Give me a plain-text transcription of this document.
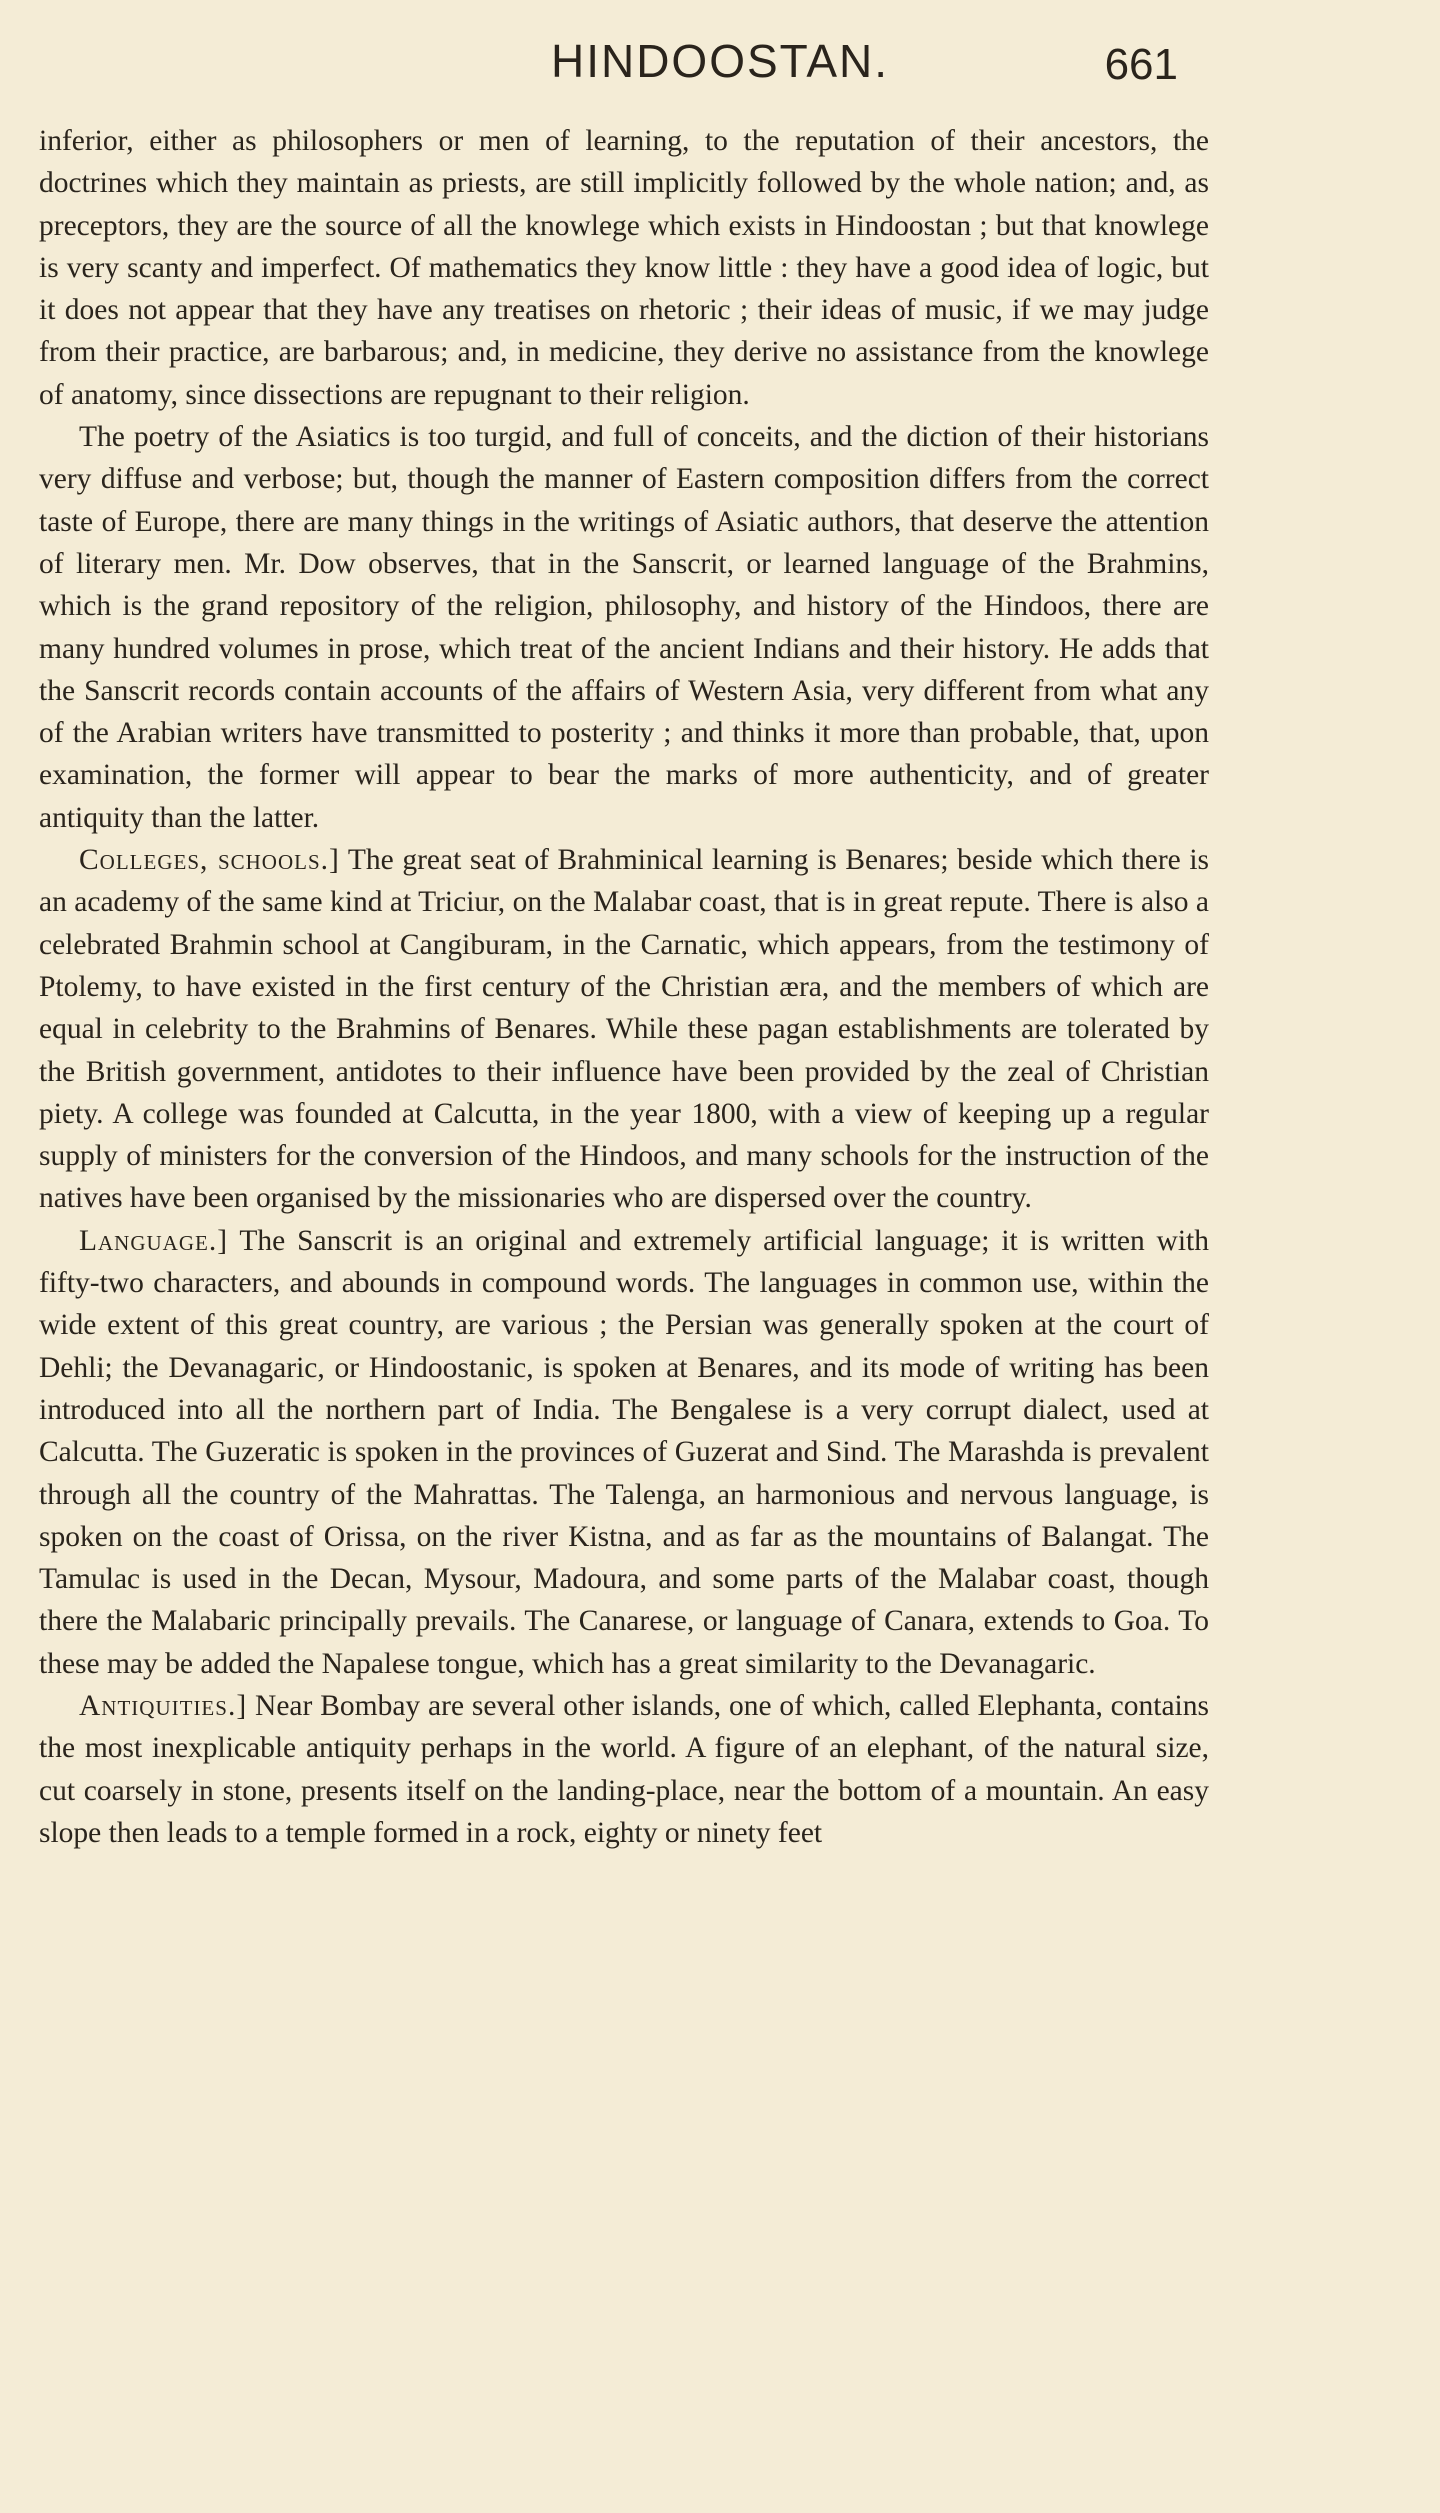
HINDOOSTAN.	661

inferior, either as philosophers or men of learning, to the reputation of their ancestors, the doctrines which they maintain as priests, are still implicitly followed by the whole nation; and, as preceptors, they are the source of all the knowlege which exists in Hindoostan ; but that knowlege is very scanty and imperfect. Of mathematics they know little : they have a good idea of logic, but it does not appear that they have any treatises on rhetoric ; their ideas of music, if we may judge from their practice, are barbarous; and, in medicine, they derive no assistance from the knowlege of anatomy, since dissections are repugnant to their religion.

The poetry of the Asiatics is too turgid, and full of conceits, and the diction of their historians very diffuse and verbose; but, though the manner of Eastern composition differs from the correct taste of Europe, there are many things in the writings of Asiatic authors, that deserve the attention of literary men. Mr. Dow observes, that in the Sanscrit, or learned language of the Brahmins, which is the grand repository of the religion, philosophy, and history of the Hindoos, there are many hundred volumes in prose, which treat of the ancient Indians and their history. He adds that the Sanscrit records contain accounts of the affairs of Western Asia, very different from what any of the Arabian writers have transmitted to posterity ; and thinks it more than probable, that, upon examination, the former will appear to bear the marks of more authenticity, and of greater antiquity than the latter.

Colleges, schools.] The great seat of Brahminical learning is Benares; beside which there is an academy of the same kind at Triciur, on the Malabar coast, that is in great repute. There is also a celebrated Brahmin school at Cangiburam, in the Carnatic, which appears, from the testimony of Ptolemy, to have existed in the first century of the Christian æra, and the members of which are equal in celebrity to the Brahmins of Benares. While these pagan establishments are tolerated by the British government, antidotes to their influence have been provided by the zeal of Christian piety. A college was founded at Calcutta, in the year 1800, with a view of keeping up a regular supply of ministers for the conversion of the Hindoos, and many schools for the instruction of the natives have been organised by the missionaries who are dispersed over the country.

Language.] The Sanscrit is an original and extremely artificial language; it is written with fifty-two characters, and abounds in compound words. The languages in common use, within the wide extent of this great country, are various ; the Persian was generally spoken at the court of Dehli; the Devanagaric, or Hindoostanic, is spoken at Benares, and its mode of writing has been introduced into all the northern part of India. The Bengalese is a very corrupt dialect, used at Calcutta. The Guzeratic is spoken in the provinces of Guzerat and Sind. The Marashda is prevalent through all the country of the Mahrattas. The Talenga, an harmonious and nervous language, is spoken on the coast of Orissa, on the river Kistna, and as far as the mountains of Balangat. The Tamulac is used in the Decan, Mysour, Madoura, and some parts of the Malabar coast, though there the Malabaric principally prevails. The Canarese, or language of Canara, extends to Goa. To these may be added the Napalese tongue, which has a great similarity to the Devanagaric.

Antiquities.] Near Bombay are several other islands, one of which, called Elephanta, contains the most inexplicable antiquity perhaps in the world. A figure of an elephant, of the natural size, cut coarsely in stone, presents itself on the landing-place, near the bottom of a mountain. An easy slope then leads to a temple formed in a rock, eighty or ninety feet
